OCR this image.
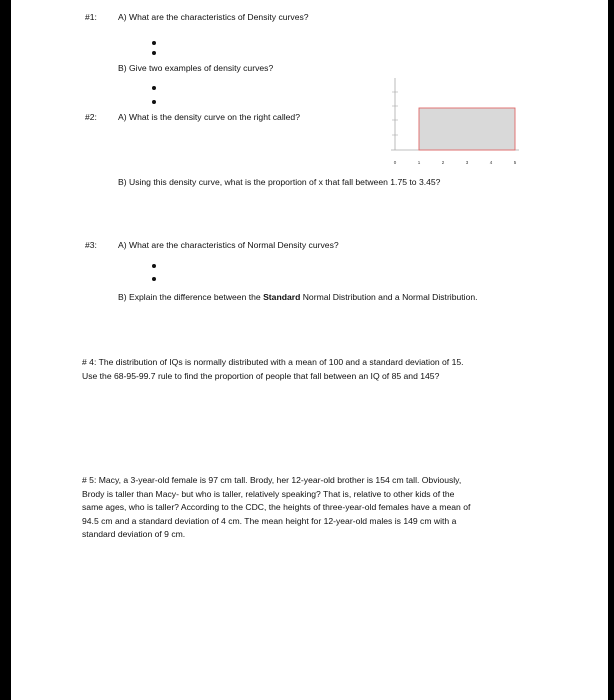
#1: A) What are the characteristics of Density curves?
B) Give two examples of density curves?
#2: A) What is the density curve on the right called?
0	1	2	3	4	5
B) Using this density curve, what is the proportion of x that fall between 1.75 to 3.45?
#3: A) What are the characteristics of Normal Density curves?
B) Explain the difference between the Standard Normal Distribution and a Normal Distribution.
# 4: The distribution of IQs is normally distributed with a mean of 100 and a standard deviation of 15.
Use the 68-95-99.7 rule to find the proportion of people that fall between an IQ of 85 and 145?
# 5: Macy, a 3-year-old female is 97 cm tall. Brody, her 12-year-old brother is 154 cm tall. Obviously,
Brody is taller than Macy- but who is taller, relatively speaking? That is, relative to other kids of the
same ages, who is taller? According to the CDC, the heights of three-year-old females have a mean of
94.5 cm and a standard deviation of 4 cm. The mean height for 12-year-old males is 149 cm with a
standard deviation of 9 cm.
